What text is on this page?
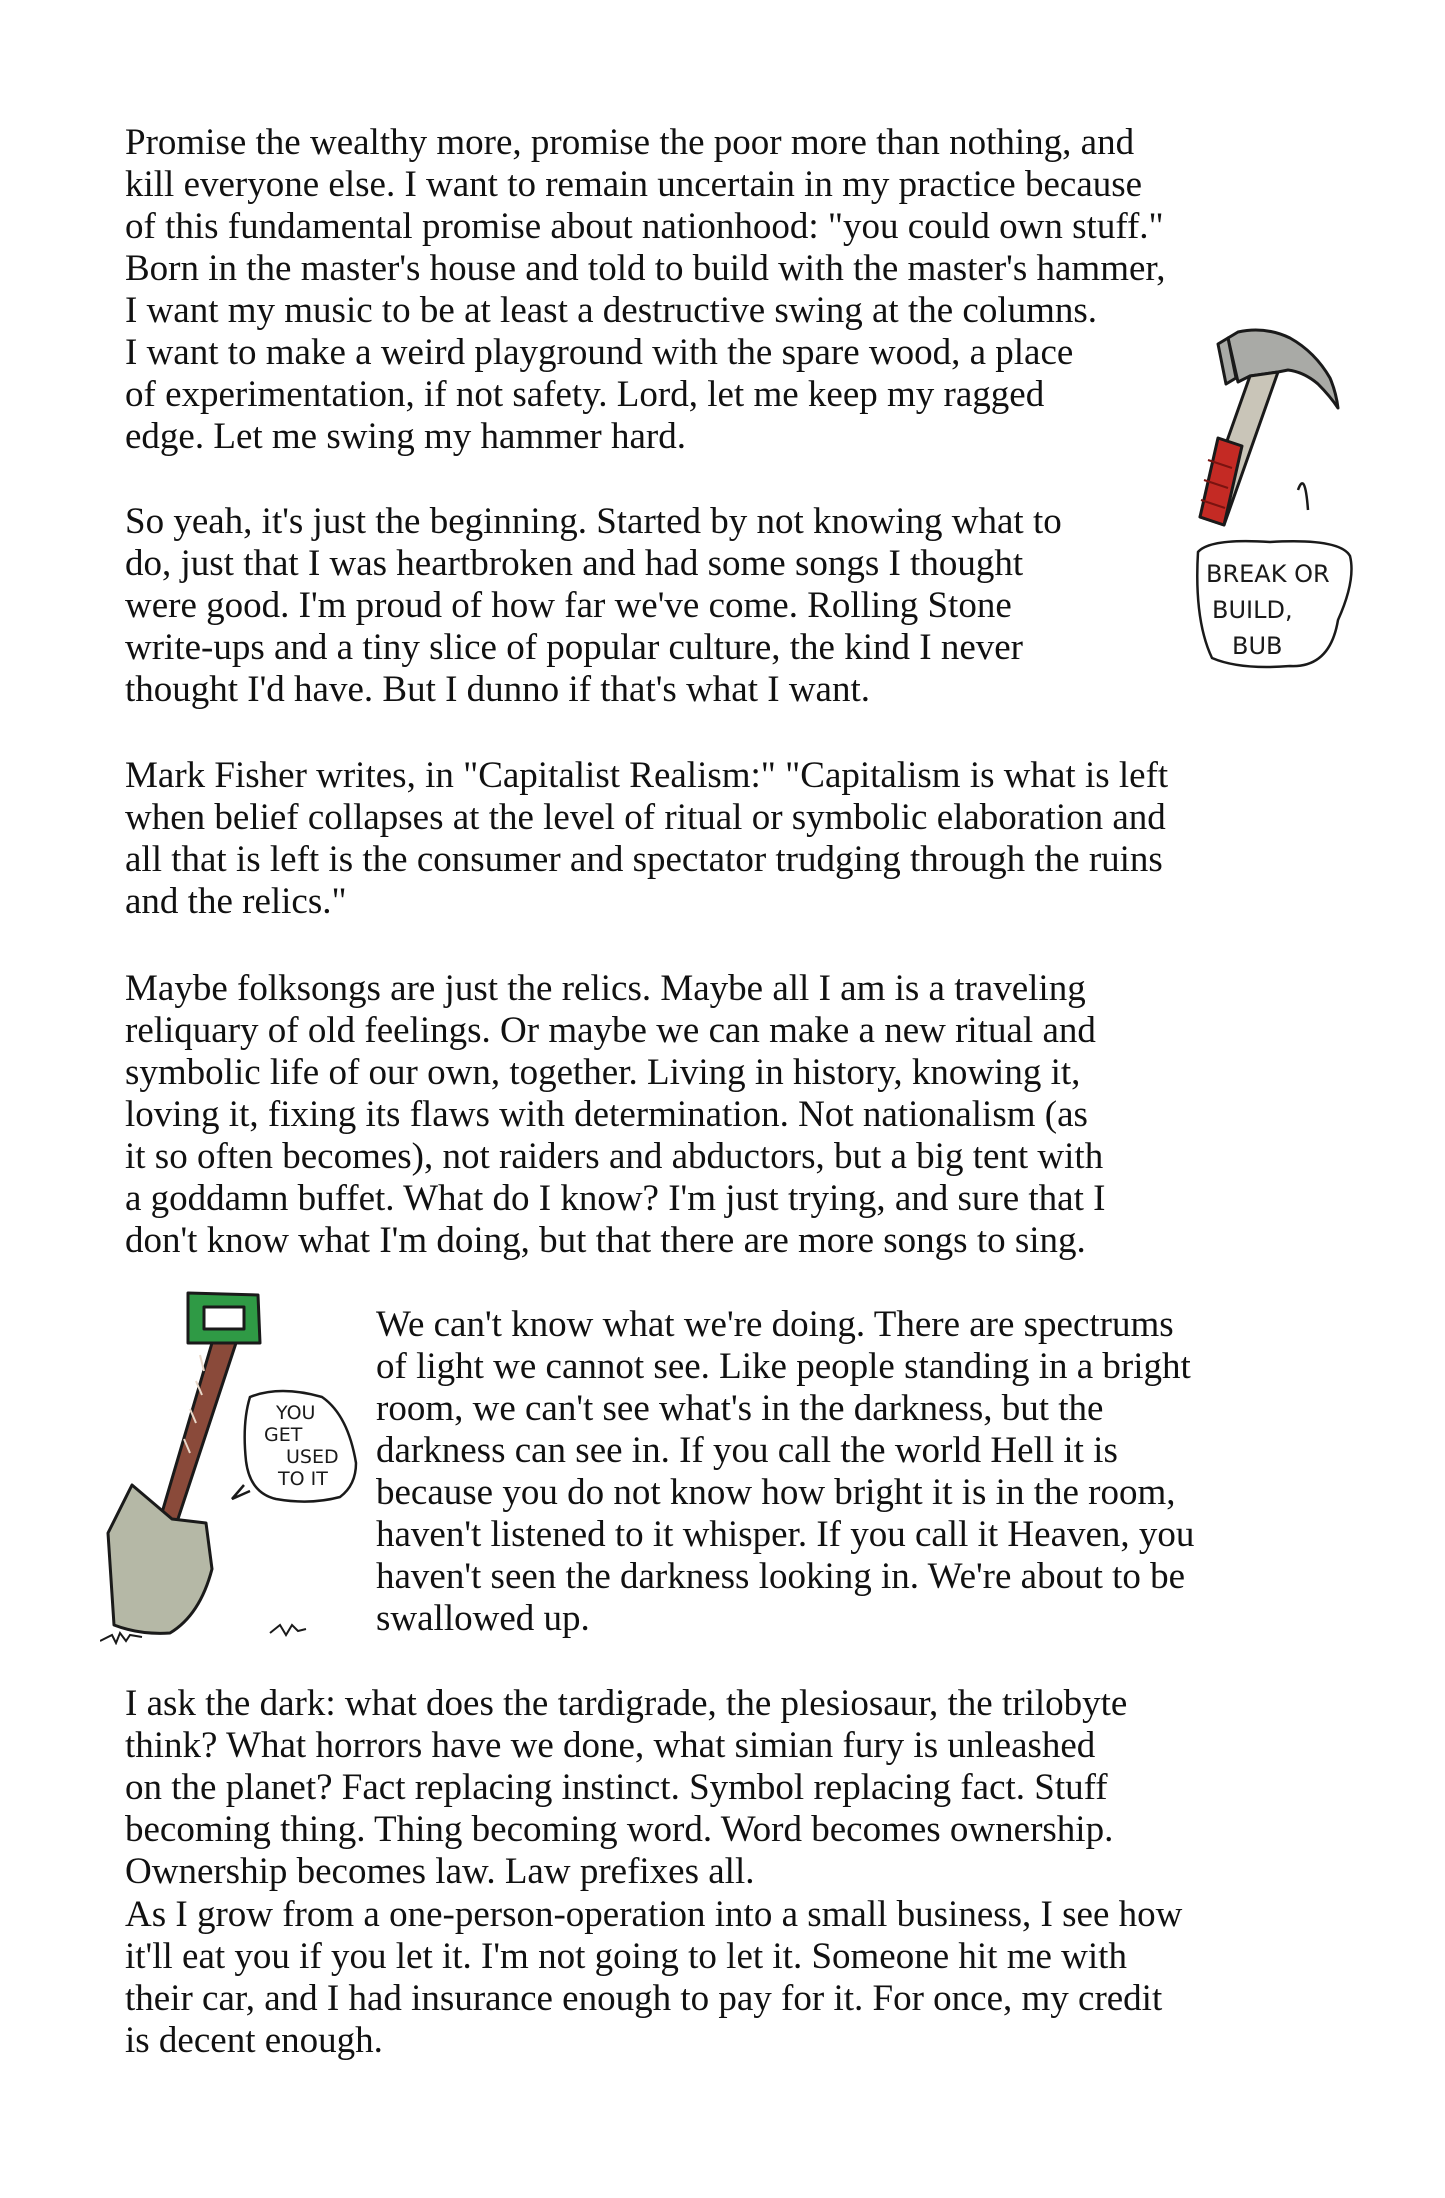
Promise the wealthy more, promise the poor more than nothing, and
kill everyone else. I want to remain uncertain in my practice because
of this fundamental promise about nationhood: "you could own stuff."
Born in the master's house and told to build with the master's hammer,
I want my music to be at least a destructive swing at the columns.
I want to make a weird playground with the spare wood, a place
of experimentation, if not safety. Lord, let me keep my ragged
edge. Let me swing my hammer hard.
So yeah, it's just the beginning. Started by not knowing what to
do, just that I was heartbroken and had some songs I thought
were good. I'm proud of how far we've come. Rolling Stone
write-ups and a tiny slice of popular culture, the kind I never
thought I'd have. But I dunno if that's what I want.
Mark Fisher writes, in "Capitalist Realism:" "Capitalism is what is left
when belief collapses at the level of ritual or symbolic elaboration and
all that is left is the consumer and spectator trudging through the ruins
and the relics."
Maybe folksongs are just the relics. Maybe all I am is a traveling
reliquary of old feelings. Or maybe we can make a new ritual and
symbolic life of our own, together. Living in history, knowing it,
loving it, fixing its flaws with determination. Not nationalism (as
it so often becomes), not raiders and abductors, but a big tent with
a goddamn buffet. What do I know? I'm just trying, and sure that I
don't know what I'm doing, but that there are more songs to sing.
We can't know what we're doing. There are spectrums
of light we cannot see. Like people standing in a bright
room, we can't see what's in the darkness, but the
darkness can see in. If you call the world Hell it is
because you do not know how bright it is in the room,
haven't listened to it whisper. If you call it Heaven, you
haven't seen the darkness looking in. We're about to be
swallowed up.
I ask the dark: what does the tardigrade, the plesiosaur, the trilobyte
think? What horrors have we done, what simian fury is unleashed
on the planet? Fact replacing instinct. Symbol replacing fact. Stuff
becoming thing. Thing becoming word. Word becomes ownership.
Ownership becomes law. Law prefixes all.
As I grow from a one-person-operation into a small business, I see how
it'll eat you if you let it. I'm not going to let it. Someone hit me with
their car, and I had insurance enough to pay for it. For once, my credit
is decent enough.
BREAK OR
BUILD,
BUB
YOU
GET
USED
TO IT
